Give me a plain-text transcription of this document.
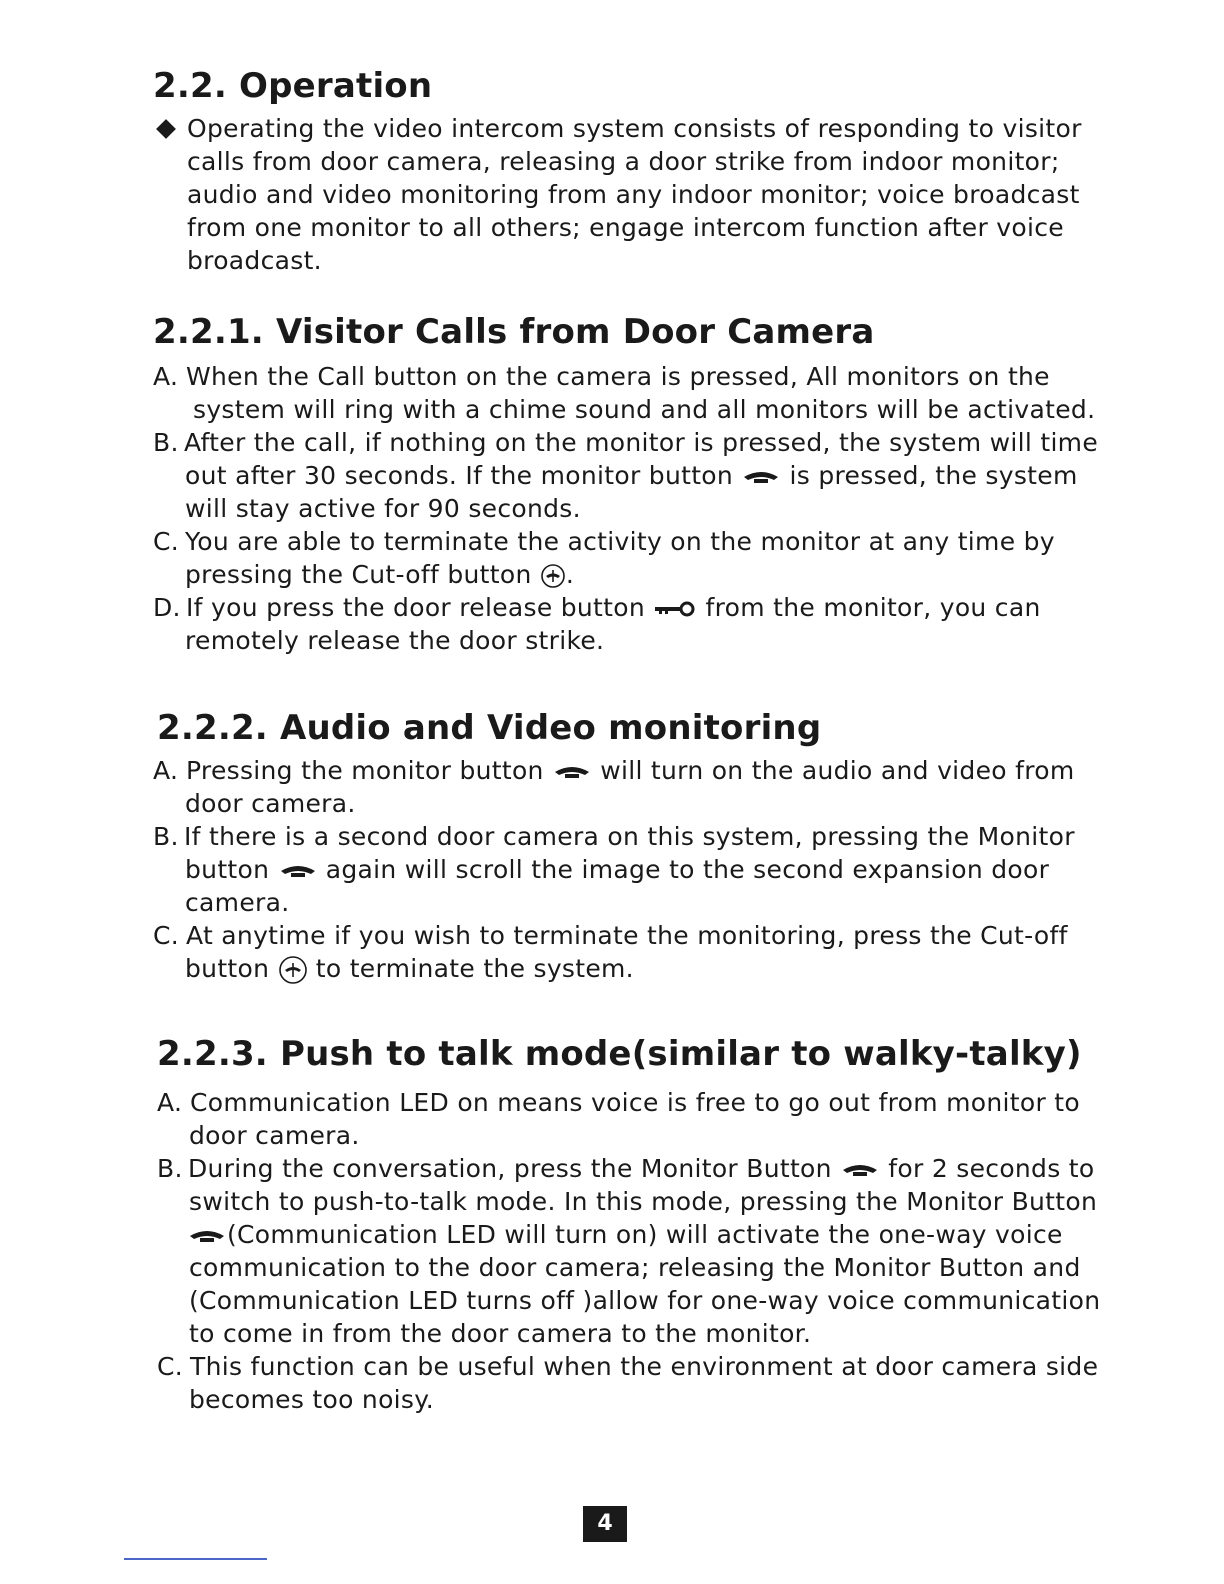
2.2. Operation
Operating the video intercom system consists of responding to visitor
calls from door camera, releasing a door strike from indoor monitor;
audio and video monitoring from any indoor monitor; voice broadcast
from one monitor to all others; engage intercom function after voice
broadcast.
2.2.1. Visitor Calls from Door Camera
A. When the Call button on the camera is pressed, All monitors on the
system will ring with a chime sound and all monitors will be activated.
B. After the call, if nothing on the monitor is pressed, the system will time
out after 30 seconds. If the monitor button is pressed, the system
will stay active for 90 seconds.
C. You are able to terminate the activity on the monitor at any time by
pressing the Cut-off button .
D. If you press the door release button from the monitor, you can
remotely release the door strike.
2.2.2. Audio and Video monitoring
A. Pressing the monitor button will turn on the audio and video from
door camera.
B. If there is a second door camera on this system, pressing the Monitor
button again will scroll the image to the second expansion door
camera.
C. At anytime if you wish to terminate the monitoring, press the Cut-off
button to terminate the system.
2.2.3. Push to talk mode(similar to walky-talky)
A. Communication LED on means voice is free to go out from monitor to
door camera.
B. During the conversation, press the Monitor Button for 2 seconds to
switch to push-to-talk mode. In this mode, pressing the Monitor Button
(Communication LED will turn on) will activate the one-way voice
communication to the door camera; releasing the Monitor Button and
(Communication LED turns off )allow for one-way voice communication
to come in from the door camera to the monitor.
C. This function can be useful when the environment at door camera side
becomes too noisy.
4
